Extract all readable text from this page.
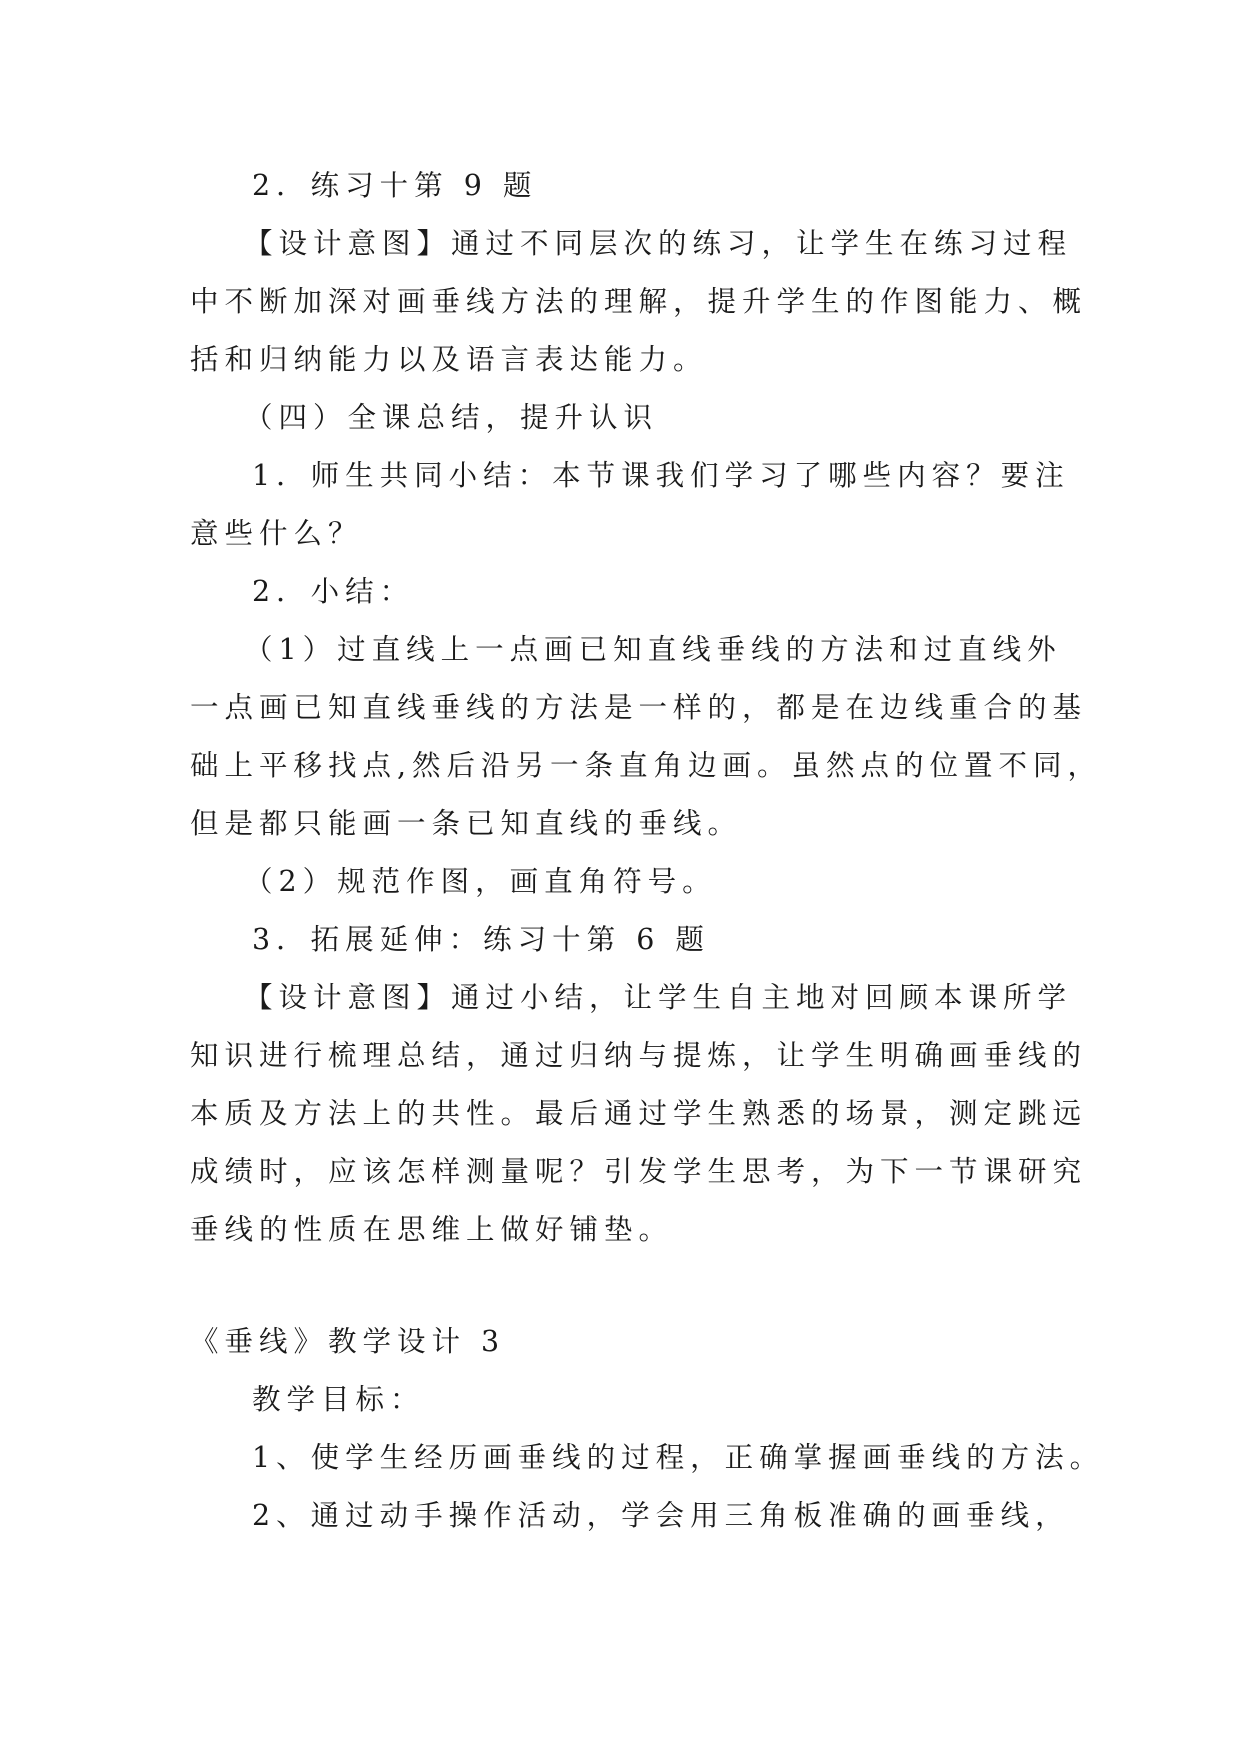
2．练习十第 9 题
【设计意图】通过不同层次的练习，让学生在练习过程
中不断加深对画垂线方法的理解，提升学生的作图能力、概
括和归纳能力以及语言表达能力。
（四）全课总结，提升认识
1．师生共同小结：本节课我们学习了哪些内容？要注
意些什么？
2．小结：
（1）过直线上一点画已知直线垂线的方法和过直线外
一点画已知直线垂线的方法是一样的，都是在边线重合的基
础上平移找点,然后沿另一条直角边画。虽然点的位置不同，
但是都只能画一条已知直线的垂线。
（2）规范作图，画直角符号。
3．拓展延伸：练习十第 6 题
【设计意图】通过小结，让学生自主地对回顾本课所学
知识进行梳理总结，通过归纳与提炼，让学生明确画垂线的
本质及方法上的共性。最后通过学生熟悉的场景，测定跳远
成绩时，应该怎样测量呢？引发学生思考，为下一节课研究
垂线的性质在思维上做好铺垫。
《垂线》教学设计 3
教学目标：
1、使学生经历画垂线的过程，正确掌握画垂线的方法。
2、通过动手操作活动，学会用三角板准确的画垂线，
